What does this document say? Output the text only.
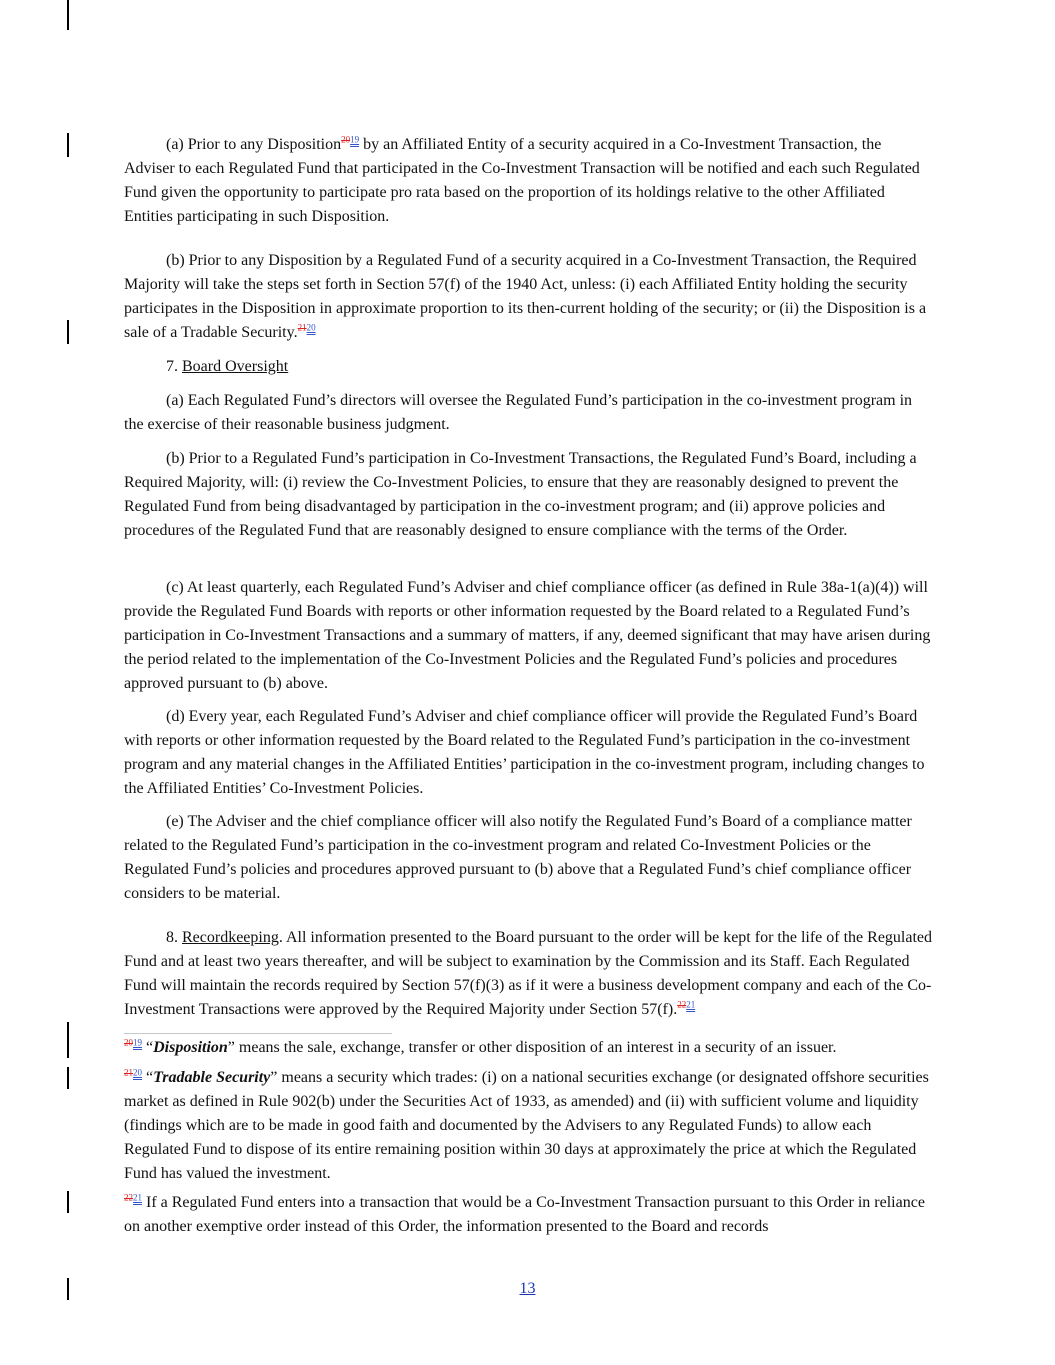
(a) Prior to any Disposition$^{2019}$ by an Affiliated Entity of a security acquired in a Co-Investment Transaction, the Adviser to each Regulated Fund that participated in the Co-Investment Transaction will be notified and each such Regulated Fund given the opportunity to participate pro rata based on the proportion of its holdings relative to the other Affiliated Entities participating in such Disposition.

(b) Prior to any Disposition by a Regulated Fund of a security acquired in a Co-Investment Transaction, the Required Majority will take the steps set forth in Section 57(f) of the 1940 Act, unless: (i) each Affiliated Entity holding the security participates in the Disposition in approximate proportion to its then-current holding of the security; or (ii) the Disposition is a sale of a Tradable Security.$^{2120}$

7. Board Oversight

(a) Each Regulated Fund’s directors will oversee the Regulated Fund’s participation in the co-investment program in the exercise of their reasonable business judgment.

(b) Prior to a Regulated Fund’s participation in Co-Investment Transactions, the Regulated Fund’s Board, including a Required Majority, will: (i) review the Co-Investment Policies, to ensure that they are reasonably designed to prevent the Regulated Fund from being disadvantaged by participation in the co-investment program; and (ii) approve policies and procedures of the Regulated Fund that are reasonably designed to ensure compliance with the terms of the Order.

(c) At least quarterly, each Regulated Fund’s Adviser and chief compliance officer (as defined in Rule 38a-1(a)(4)) will provide the Regulated Fund Boards with reports or other information requested by the Board related to a Regulated Fund’s participation in Co-Investment Transactions and a summary of matters, if any, deemed significant that may have arisen during the period related to the implementation of the Co-Investment Policies and the Regulated Fund’s policies and procedures approved pursuant to (b) above.

(d) Every year, each Regulated Fund’s Adviser and chief compliance officer will provide the Regulated Fund’s Board with reports or other information requested by the Board related to the Regulated Fund’s participation in the co-investment program and any material changes in the Affiliated Entities’ participation in the co-investment program, including changes to the Affiliated Entities’ Co-Investment Policies.

(e) The Adviser and the chief compliance officer will also notify the Regulated Fund’s Board of a compliance matter related to the Regulated Fund’s participation in the co-investment program and related Co-Investment Policies or the Regulated Fund’s policies and procedures approved pursuant to (b) above that a Regulated Fund’s chief compliance officer considers to be material.

8. Recordkeeping. All information presented to the Board pursuant to the order will be kept for the life of the Regulated Fund and at least two years thereafter, and will be subject to examination by the Commission and its Staff. Each Regulated Fund will maintain the records required by Section 57(f)(3) as if it were a business development company and each of the Co-Investment Transactions were approved by the Required Majority under Section 57(f).$^{2221}$

$^{2019}$ “Disposition” means the sale, exchange, transfer or other disposition of an interest in a security of an issuer.

$^{2120}$ “Tradable Security” means a security which trades: (i) on a national securities exchange (or designated offshore securities market as defined in Rule 902(b) under the Securities Act of 1933, as amended) and (ii) with sufficient volume and liquidity (findings which are to be made in good faith and documented by the Advisers to any Regulated Funds) to allow each Regulated Fund to dispose of its entire remaining position within 30 days at approximately the price at which the Regulated Fund has valued the investment.

$^{2221}$ If a Regulated Fund enters into a transaction that would be a Co-Investment Transaction pursuant to this Order in reliance on another exemptive order instead of this Order, the information presented to the Board and records

13
